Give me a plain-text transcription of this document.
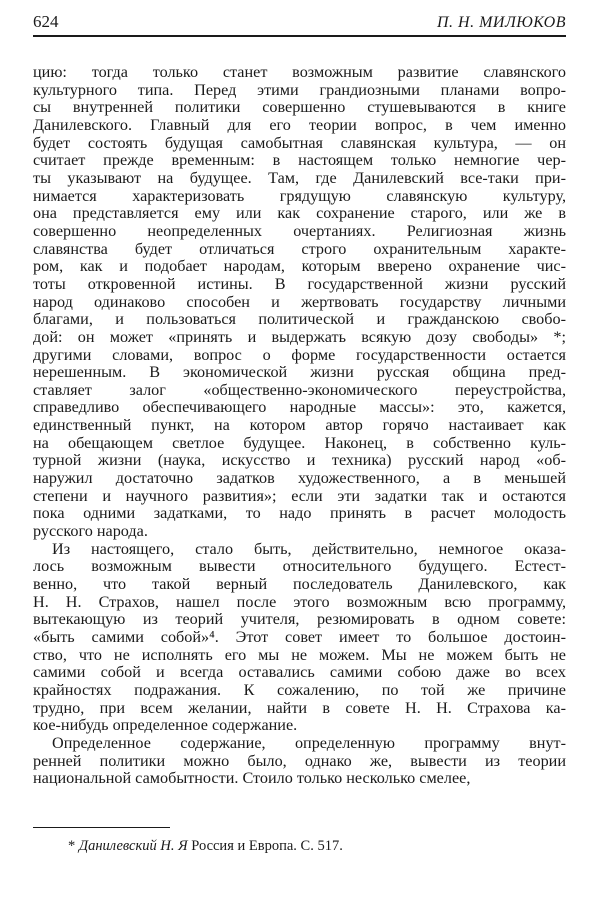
624	П. Н. МИЛЮКОВ
цию: тогда только станет возможным развитие славянского
культурного типа. Перед этими грандиозными планами вопро-
сы внутренней политики совершенно стушевываются в книге
Данилевского. Главный для его теории вопрос, в чем именно
будет состоять будущая самобытная славянская культура, — он
считает прежде временным: в настоящем только немногие чер-
ты указывают на будущее. Там, где Данилевский все-таки при-
нимается характеризовать грядущую славянскую культуру,
она представляется ему или как сохранение старого, или же в
совершенно неопределенных очертаниях. Религиозная жизнь
славянства будет отличаться строго охранительным характе-
ром, как и подобает народам, которым вверено охранение чис-
тоты откровенной истины. В государственной жизни русский
народ одинаково способен и жертвовать государству личными
благами, и пользоваться политической и гражданскою свобо-
дой: он может «принять и выдержать всякую дозу свободы» *;
другими словами, вопрос о форме государственности остается
нерешенным. В экономической жизни русская община пред-
ставляет залог «общественно-экономического переустройства,
справедливо обеспечивающего народные массы»: это, кажется,
единственный пункт, на котором автор горячо настаивает как
на обещающем светлое будущее. Наконец, в собственно куль-
турной жизни (наука, искусство и техника) русский народ «об-
наружил достаточно задатков художественного, а в меньшей
степени и научного развития»; если эти задатки так и остаются
пока одними задатками, то надо принять в расчет молодость
русского народа.
Из настоящего, стало быть, действительно, немногое оказа-
лось возможным вывести относительного будущего. Естест-
венно, что такой верный последователь Данилевского, как
Н. Н. Страхов, нашел после этого возможным всю программу,
вытекающую из теорий учителя, резюмировать в одном совете:
«быть самими собой»⁴. Этот совет имеет то большое достоин-
ство, что не исполнять его мы не можем. Мы не можем быть не
самими собой и всегда оставались самими собою даже во всех
крайностях подражания. К сожалению, по той же причине
трудно, при всем желании, найти в совете Н. Н. Страхова ка-
кое-нибудь определенное содержание.
Определенное содержание, определенную программу внут-
ренней политики можно было, однако же, вывести из теории
национальной самобытности. Стоило только несколько смелее,
* Данилевский Н. Я Россия и Европа. С. 517.
